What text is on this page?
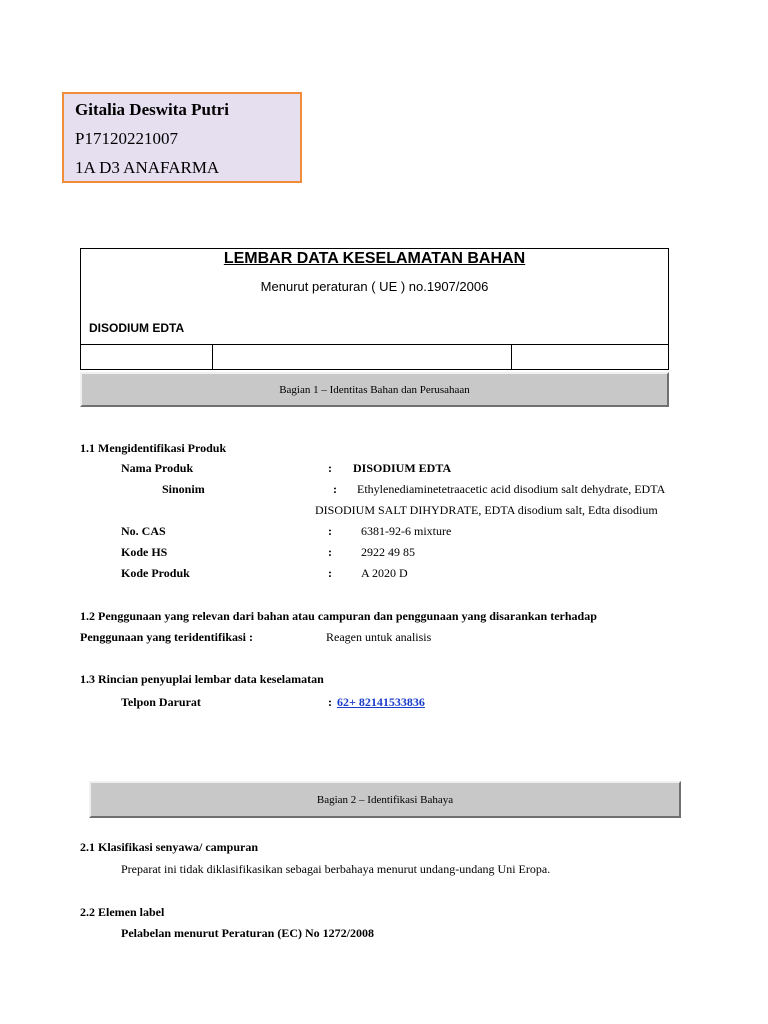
Gitalia Deswita Putri
P17120221007
1A D3 ANAFARMA
LEMBAR DATA KESELAMATAN BAHAN
Menurut peraturan ( UE ) no.1907/2006
DISODIUM EDTA
Bagian 1 – Identitas Bahan dan Perusahaan
1.1 Mengidentifikasi Produk
Nama Produk	: DISODIUM EDTA
Sinonim	: Ethylenediaminetetraacetic acid disodium salt dehydrate, EDTA
DISODIUM SALT DIHYDRATE, EDTA disodium salt, Edta disodium
No. CAS	: 6381-92-6 mixture
Kode HS	: 2922 49 85
Kode Produk	: A 2020 D
1.2 Penggunaan yang relevan dari bahan atau campuran dan penggunaan yang disarankan terhadap
Penggunaan yang teridentifikasi :	Reagen untuk analisis
1.3 Rincian penyuplai lembar data keselamatan
Telpon Darurat	: 62+ 82141533836
Bagian 2 – Identifikasi Bahaya
2.1 Klasifikasi senyawa/ campuran
Preparat ini tidak diklasifikasikan sebagai berbahaya menurut undang-undang Uni Eropa.
2.2 Elemen label
Pelabelan menurut Peraturan (EC) No 1272/2008
